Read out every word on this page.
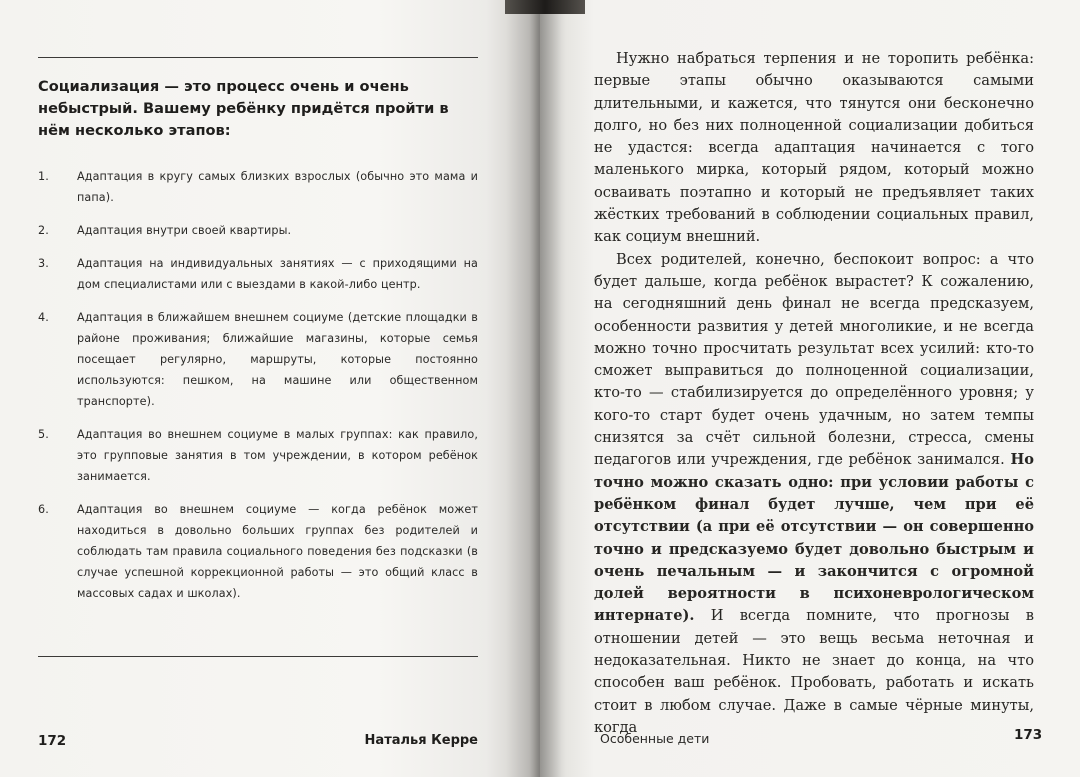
Социализация — это процесс очень и очень небыстрый. Вашему ребёнку придётся пройти в нём несколько этапов:

1.	Адаптация в кругу самых близких взрослых (обычно это мама и папа).
2.	Адаптация внутри своей квартиры.
3.	Адаптация на индивидуальных занятиях — с приходящими на дом специалистами или с выездами в какой-либо центр.
4.	Адаптация в ближайшем внешнем социуме (детские площадки в районе проживания; ближайшие магазины, которые семья посещает регулярно, маршруты, которые постоянно используются: пешком, на машине или общественном транспорте).
5.	Адаптация во внешнем социуме в малых группах: как правило, это групповые занятия в том учреждении, в котором ребёнок занимается.
6.	Адаптация во внешнем социуме — когда ребёнок может находиться в довольно больших группах без родителей и соблюдать там правила социального поведения без подсказки (в случае успешной коррекционной работы — это общий класс в массовых садах и школах).
172	Наталья Керре

Нужно набраться терпения и не торопить ребёнка: первые этапы обычно оказываются самыми длительными, и кажется, что тянутся они бесконечно долго, но без них полноценной социализации добиться не удастся: всегда адаптация начинается с того маленького мирка, который рядом, который можно осваивать поэтапно и который не предъявляет таких жёстких требований в соблюдении социальных правил, как социум внешний.

Всех родителей, конечно, беспокоит вопрос: а что будет дальше, когда ребёнок вырастет? К сожалению, на сегодняшний день финал не всегда предсказуем, особенности развития у детей многоликие, и не всегда можно точно просчитать результат всех усилий: кто-то сможет выправиться до полноценной социализации, кто-то — стабилизируется до определённого уровня; у кого-то старт будет очень удачным, но затем темпы снизятся за счёт сильной болезни, стресса, смены педагогов или учреждения, где ребёнок занимался. Но точно можно сказать одно: при условии работы с ребёнком финал будет лучше, чем при её отсутствии (а при её отсутствии — он совершенно точно и предсказуемо будет довольно быстрым и очень печальным — и закончится с огромной долей вероятности в психоневрологическом интернате). И всегда помните, что прогнозы в отношении детей — это вещь весьма неточная и недоказательная. Никто не знает до конца, на что способен ваш ребёнок. Пробовать, работать и искать стоит в любом случае. Даже в самые чёрные минуты, когда

Особенные дети	173
